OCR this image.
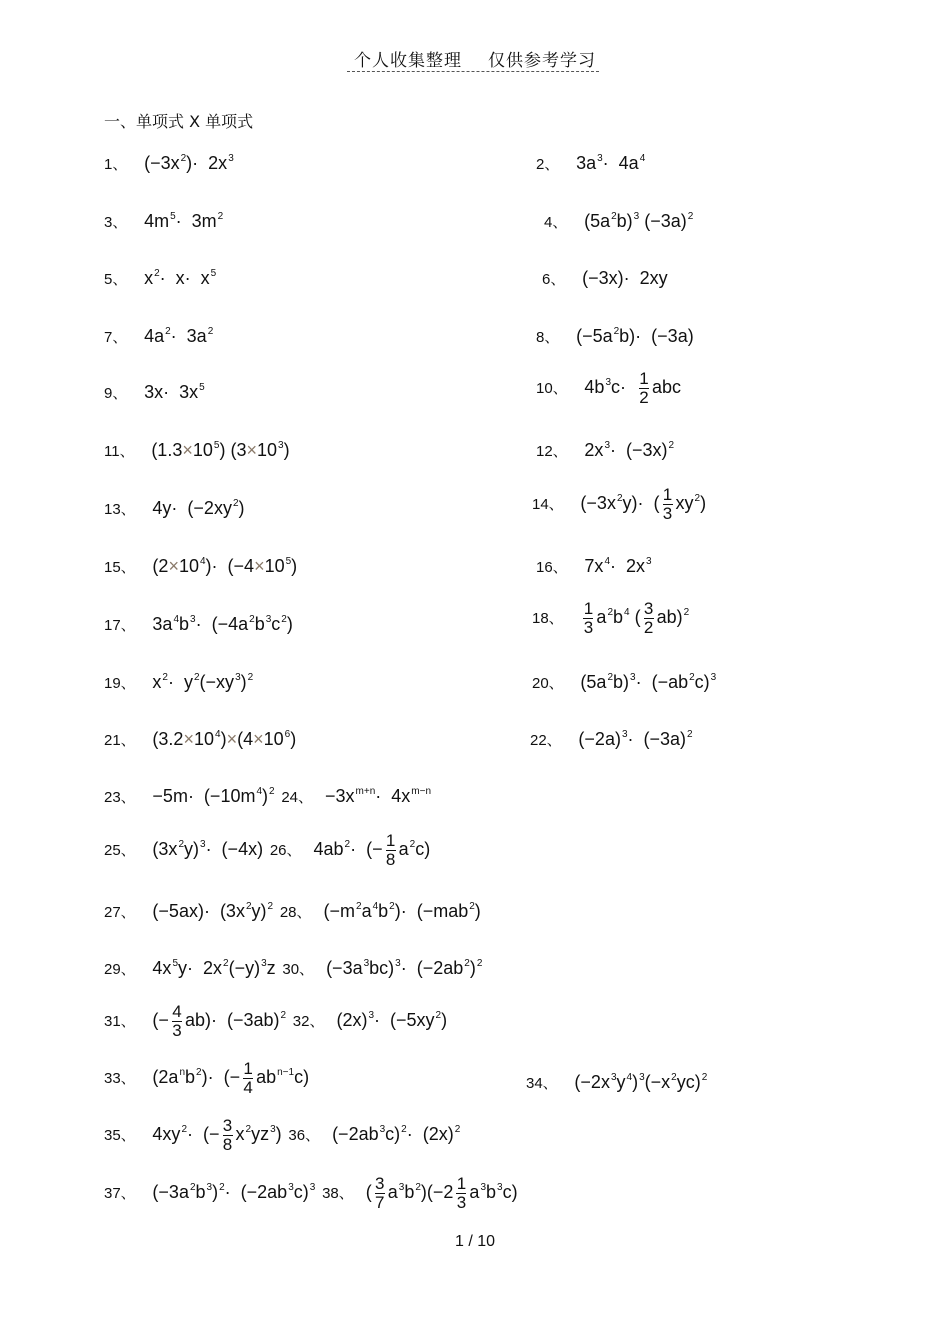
个人收集整理 仅供参考学习
一、单项式 X 单项式
1、 $(-3x^2)\cdot 2x^3$	2、 $3a^3\cdot 4a^4$
3、 $4m^5\cdot 3m^2$	4、 $(5a^2b)^3$ $(-3a)^2$
5、 $x^2\cdot x\cdot x^5$	6、 (−3x)·  2xy
7、 $4a^2\cdot 3a^2$	8、 $(-5a^2b)\cdot (-3a)$
9、 $3x\cdot 3x^5$	10、 $4b^3c\cdot \frac{1}{2}$ abc
11、 $(1.3\times 10^5)$ $(3\times 10^3)$	12、 $2x^3\cdot (-3x)^2$
13、 $4y\cdot (-2xy^2)$	14、 $(-3x^2y)\cdot$  ( $\frac{1}{3} xy^2$)
15、 $(2\times 10^4)\cdot (-4\times 10^5)$	16、 $7x^4\cdot 2x^3$
17、 $3a^4b^3\cdot (-4a^2b^3c^2)$	18、 $\frac{1}{3} a^2b^4$ ( $\frac{3}{2} ab)^2$
19、 $x^2\cdot y^2(-xy^3)^2$	20、 $(5a^2b)^3\cdot (-ab^2c)^3$
21、 $(3.2\times 10^4)\times(4\times 10^6)$	22、 $(-2a)^3\cdot (-3a)^2$
23、 $-5m\cdot (-10m^4)^2$ 24、 $-3x^{m+n}\cdot 4x^{m-n}$
25、 $(3x^2y)^3\cdot (-4x)$ 26、 $4ab^2\cdot$  (− $\frac{1}{8} a^2c$)
27、 $(-5ax)\cdot (3x^2y)^2$ 28、 $(-m^2a^4b^2)\cdot (-mab^2)$
29、 $4x^5y\cdot 2x^2(-y)^3z$ 30、 $(-3a^3bc)^3\cdot (-2ab^2)^2$
31、 (− $\frac{4}{3} ab)\cdot (-3ab)^2$ 32、 $(2x)^3\cdot (-5xy^2)$
33、 $(2a^nb^2)\cdot$  (− $\frac{1}{4} ab^{n-1}c$)	34、 $(-2x^3y^4)^3(-x^2yc)^2$
35、 $4xy^2\cdot$  (− $\frac{3}{8} x^2yz^3$) 36、 $(-2ab^3c)^2\cdot (2x)^2$
37、 $(-3a^2b^3)^2\cdot (-2ab^3c)^3$ 38、 ( $\frac{3}{7} a^3b^2)(-2 \frac{1}{3} a^3b^3c)$
1 / 10
